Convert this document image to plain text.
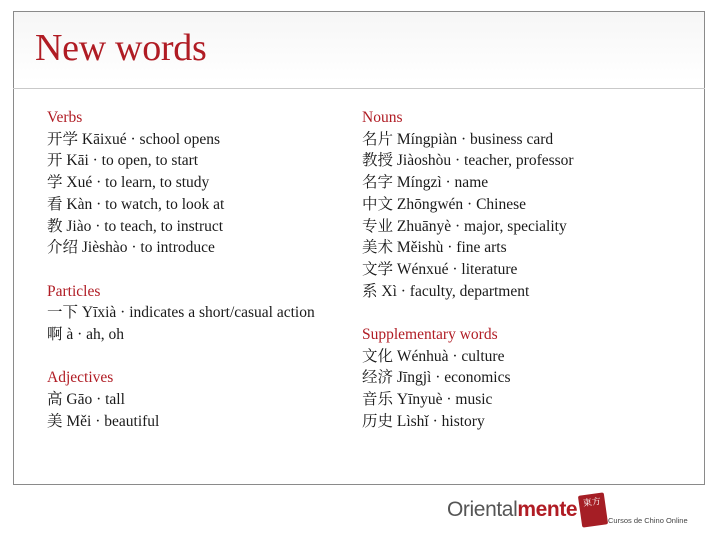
New words
Verbs
开学 Kāixué · school opens
开 Kāi · to open, to start
学 Xué · to learn, to study
看 Kàn · to watch, to look at
教 Jiào · to teach, to instruct
介绍 Jièshào · to introduce
Particles
一下 Yīxià · indicates a short/casual action
啊 à · ah, oh
Adjectives
高 Gāo · tall
美 Měi · beautiful
Nouns
名片 Míngpiàn · business card
教授 Jiàoshòu · teacher, professor
名字 Míngzì · name
中文 Zhōngwén · Chinese
专业 Zhuānyè · major, speciality
美术 Měishù · fine arts
文学 Wénxué · literature
系 Xì · faculty, department
Supplementary words
文化 Wénhuà · culture
经济 Jīngjì · economics
音乐 Yīnyuè · music
历史 Lìshǐ · history
Orientalmente 東方
Cursos de Chino Online
